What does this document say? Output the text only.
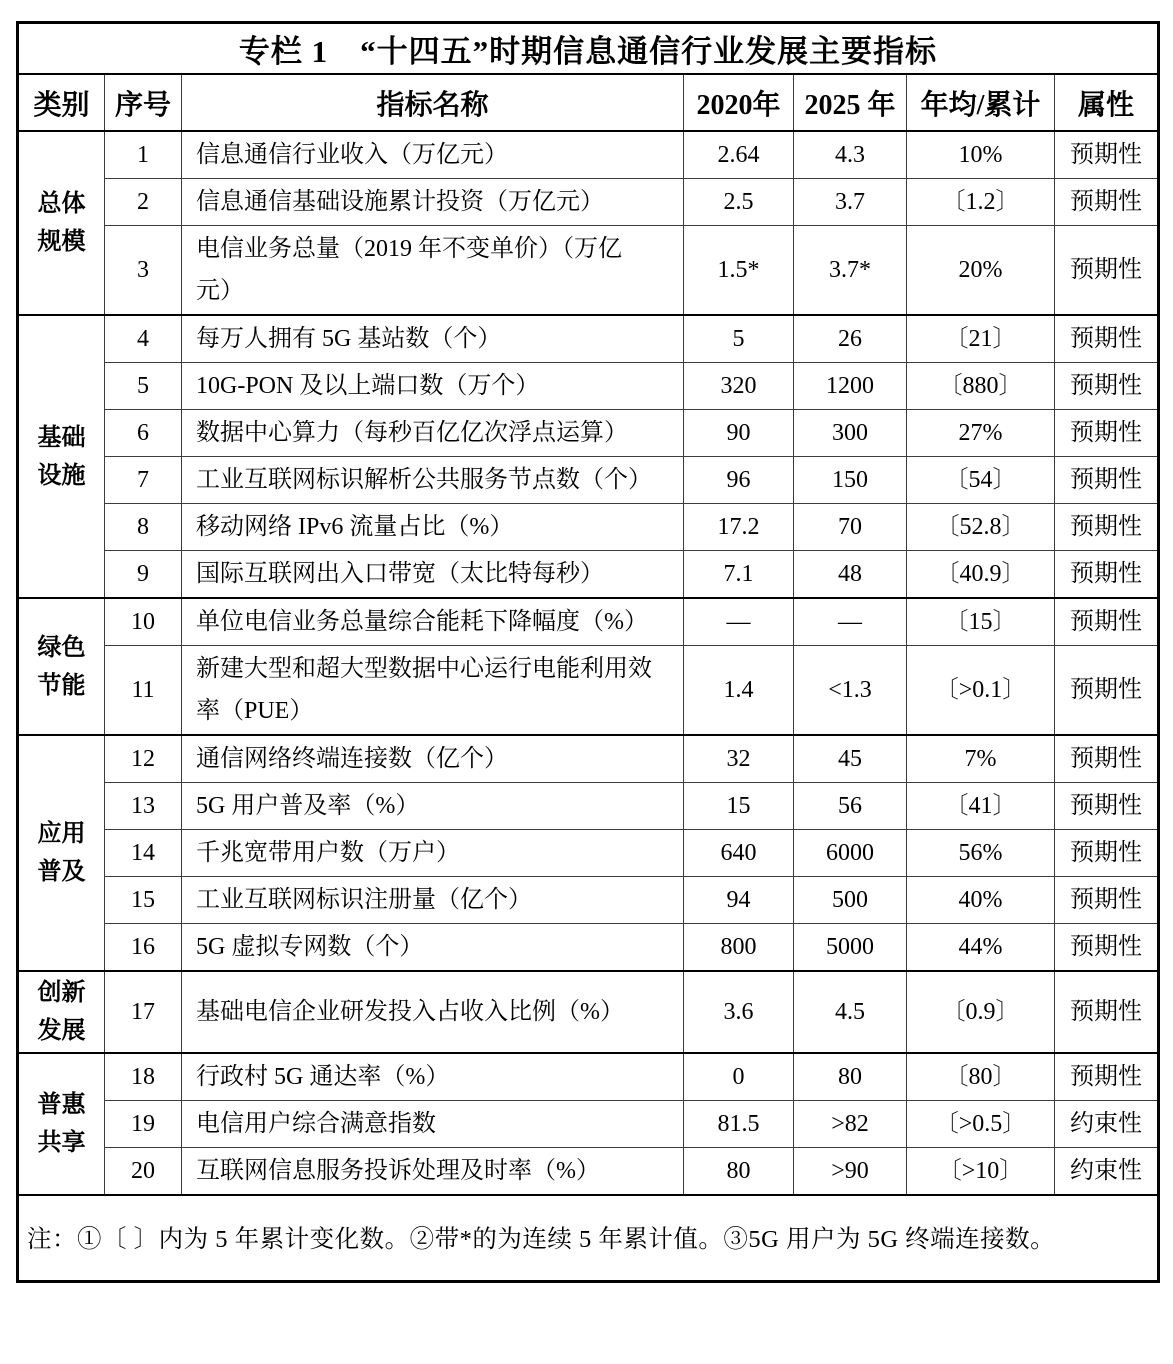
专栏 1　“十四五”时期信息通信行业发展主要指标						
类别	序号	指标名称	2020年	2025 年	年均/累计	属性
总体规模	1	信息通信行业收入（万亿元）	2.64	4.3	10%	预期性
	2	信息通信基础设施累计投资（万亿元）	2.5	3.7	〔1.2〕	预期性
	3	电信业务总量（2019 年不变单价）（万亿元）	1.5*	3.7*	20%	预期性
基础设施	4	每万人拥有 5G 基站数（个）	5	26	〔21〕	预期性
	5	10G-PON 及以上端口数（万个）	320	1200	〔880〕	预期性
	6	数据中心算力（每秒百亿亿次浮点运算）	90	300	27%	预期性
	7	工业互联网标识解析公共服务节点数（个）	96	150	〔54〕	预期性
	8	移动网络 IPv6 流量占比（%）	17.2	70	〔52.8〕	预期性
	9	国际互联网出入口带宽（太比特每秒）	7.1	48	〔40.9〕	预期性
绿色节能	10	单位电信业务总量综合能耗下降幅度（%）	—	—	〔15〕	预期性
	11	新建大型和超大型数据中心运行电能利用效率（PUE）	1.4	<1.3	〔>0.1〕	预期性
应用普及	12	通信网络终端连接数（亿个）	32	45	7%	预期性
	13	5G 用户普及率（%）	15	56	〔41〕	预期性
	14	千兆宽带用户数（万户）	640	6000	56%	预期性
	15	工业互联网标识注册量（亿个）	94	500	40%	预期性
	16	5G 虚拟专网数（个）	800	5000	44%	预期性
创新发展	17	基础电信企业研发投入占收入比例（%）	3.6	4.5	〔0.9〕	预期性
普惠共享	18	行政村 5G 通达率（%）	0	80	〔80〕	预期性
	19	电信用户综合满意指数	81.5	>82	〔>0.5〕	约束性
	20	互联网信息服务投诉处理及时率（%）	80	>90	〔>10〕	约束性
注：①〔 〕内为 5 年累计变化数。②带*的为连续 5 年累计值。③5G 用户为 5G 终端连接数。						
